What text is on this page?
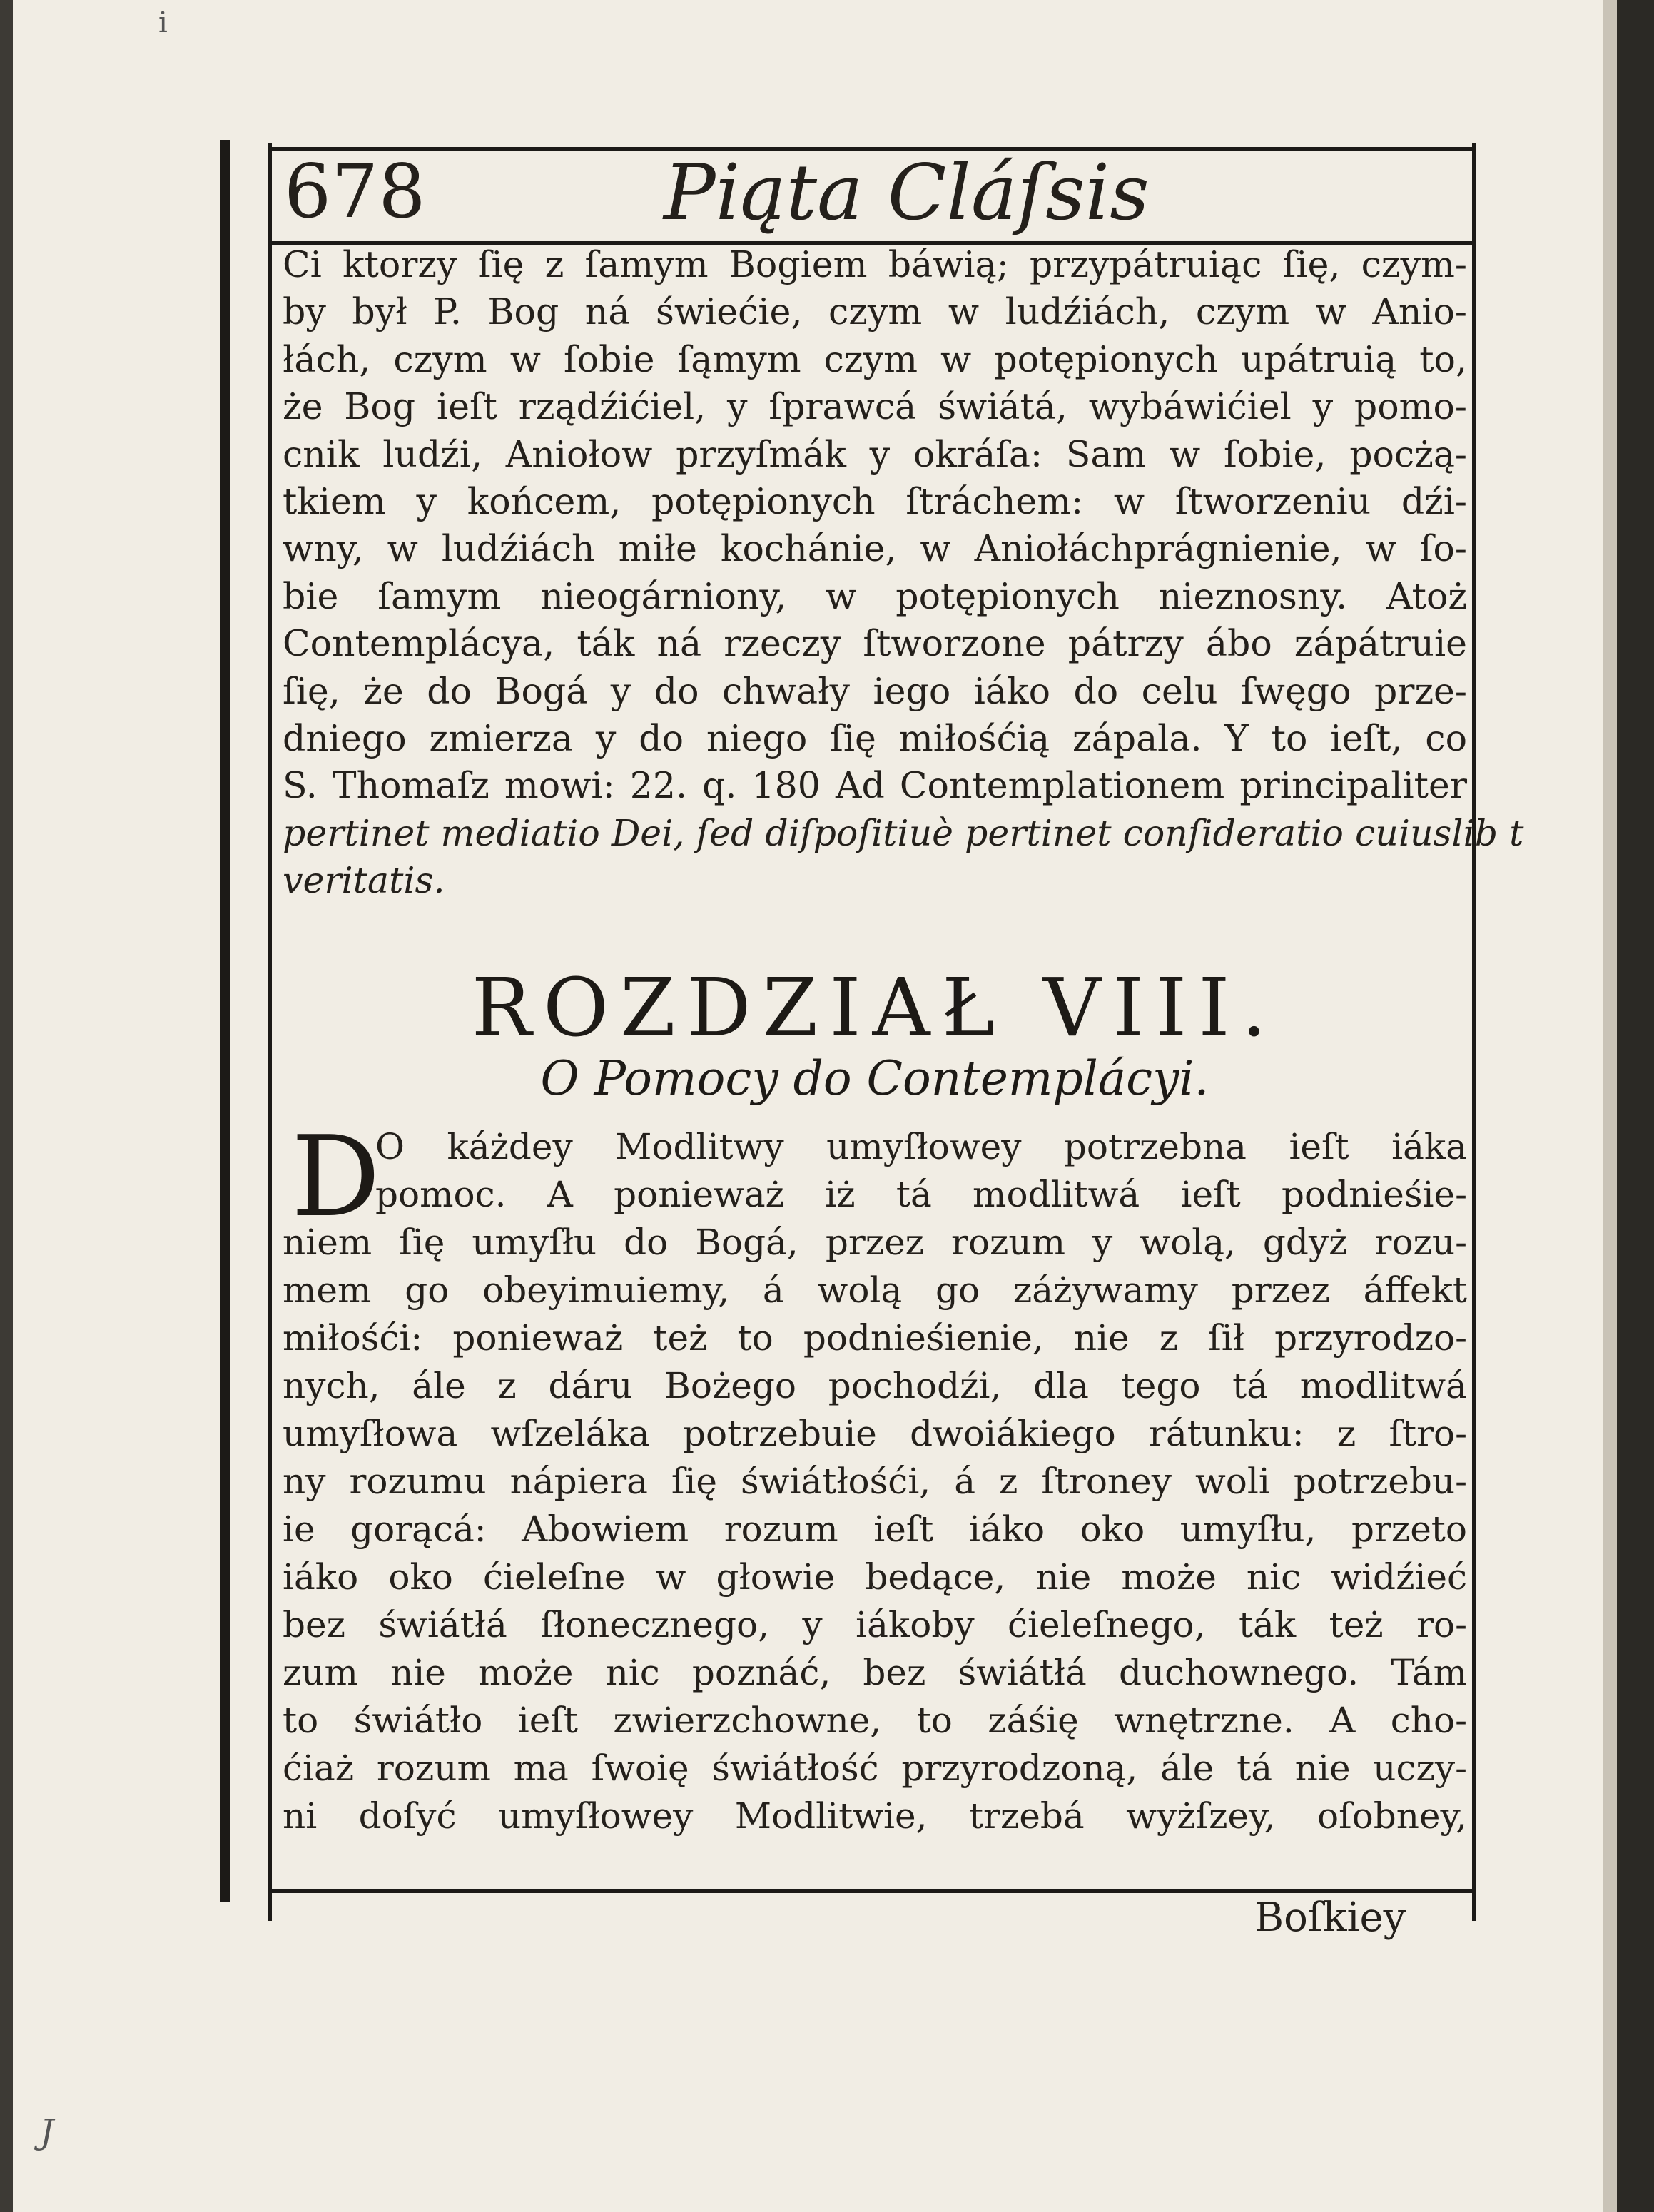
i
J
678	Piąta Cláſsis
Ci ktorzy ſię z ſamym Bogiem báwią; przypátruiąc ſię, czym-
by był P. Bog ná świećie, czym w ludźiách, czym w Anio-
łách, czym w ſobie ſąmym czym w potępionych upátruią to,
że Bog ieſt rządźićiel, y ſprawcá świátá, wybáwićiel y pomo-
cnik ludźi, Aniołow przyſmák y okráſa: Sam w ſobie, pocżą-
tkiem y końcem, potępionych ſtráchem: w ſtworzeniu dźi-
wny, w ludźiách miłe kochánie, w Aniołáchprágnienie, w ſo-
bie ſamym nieogárniony, w potępionych nieznosny. Atoż
Contemplácya, ták ná rzeczy ſtworzone pátrzy ábo zápátruie
ſię, że do Bogá y do chwały iego iáko do celu ſwęgo prze-
dniego zmierza y do niego ſię miłośćią zápala. Y to ieſt, co
S. Thomaſz mowi: 22. q. 180 Ad Contemplationem principaliter
pertinet mediatio Dei, ſed diſpoſitiuè pertinet conſideratio cuiuslib t
veritatis.
ROZDZIAŁ VIII.
O Pomocy do Contemplácyi.
D
O káżdey Modlitwy umyſłowey potrzebna ieſt iáka
pomoc. A ponieważ iż tá modlitwá ieſt podnieśie-
niem ſię umyſłu do Bogá, przez rozum y wolą, gdyż rozu-
mem go obeyimuiemy, á wolą go záżywamy przez áffekt
miłośći: ponieważ też to podnieśienie, nie z ſił przyrodzo-
nych, ále z dáru Bożego pochodźi, dla tego tá modlitwá
umyſłowa wſzeláka potrzebuie dwoiákiego rátunku: z ſtro-
ny rozumu nápiera ſię świátłośći, á z ſtroney woli potrzebu-
ie gorącá: Abowiem rozum ieſt iáko oko umyſłu, przeto
iáko oko ćieleſne w głowie bedące, nie może nic widźieć
bez świátłá ſłonecznego, y iákoby ćieleſnego, ták też ro-
zum nie może nic poznáć, bez świátłá duchownego. Tám
to świátło ieſt zwierzchowne, to záśię wnętrzne. A cho-
ćiaż rozum ma ſwoię świátłość przyrodzoną, ále tá nie uczy-
ni doſyć umyſłowey Modlitwie, trzebá wyżſzey, oſobney,
Boſkiey
